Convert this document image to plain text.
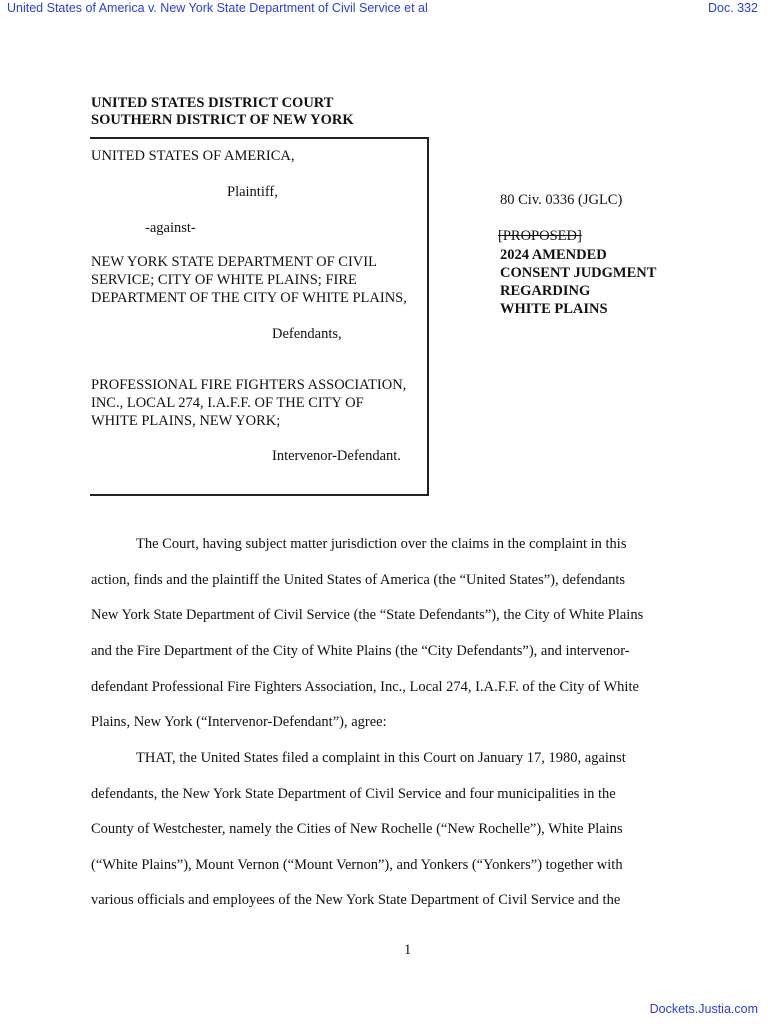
United States of America v. New York State Department of Civil Service et al	Doc. 332
UNITED STATES DISTRICT COURT
SOUTHERN DISTRICT OF NEW YORK
UNITED STATES OF AMERICA,
Plaintiff,
-against-
NEW YORK STATE DEPARTMENT OF CIVIL
SERVICE; CITY OF WHITE PLAINS; FIRE
DEPARTMENT OF THE CITY OF WHITE PLAINS,
Defendants,
PROFESSIONAL FIRE FIGHTERS ASSOCIATION,
INC., LOCAL 274, I.A.F.F. OF THE CITY OF
WHITE PLAINS, NEW YORK;
Intervenor-Defendant.
80 Civ. 0336 (JGLC)
[PROPOSED]
2024 AMENDED
CONSENT JUDGMENT
REGARDING
WHITE PLAINS
The Court, having subject matter jurisdiction over the claims in the complaint in this
action, finds and the plaintiff the United States of America (the “United States”), defendants
New York State Department of Civil Service (the “State Defendants”), the City of White Plains
and the Fire Department of the City of White Plains (the “City Defendants”), and intervenor-
defendant Professional Fire Fighters Association, Inc., Local 274, I.A.F.F. of the City of White
Plains, New York (“Intervenor-Defendant”), agree:
THAT, the United States filed a complaint in this Court on January 17, 1980, against
defendants, the New York State Department of Civil Service and four municipalities in the
County of Westchester, namely the Cities of New Rochelle (“New Rochelle”), White Plains
(“White Plains”), Mount Vernon (“Mount Vernon”), and Yonkers (“Yonkers”) together with
various officials and employees of the New York State Department of Civil Service and the
1
Dockets.Justia.com
